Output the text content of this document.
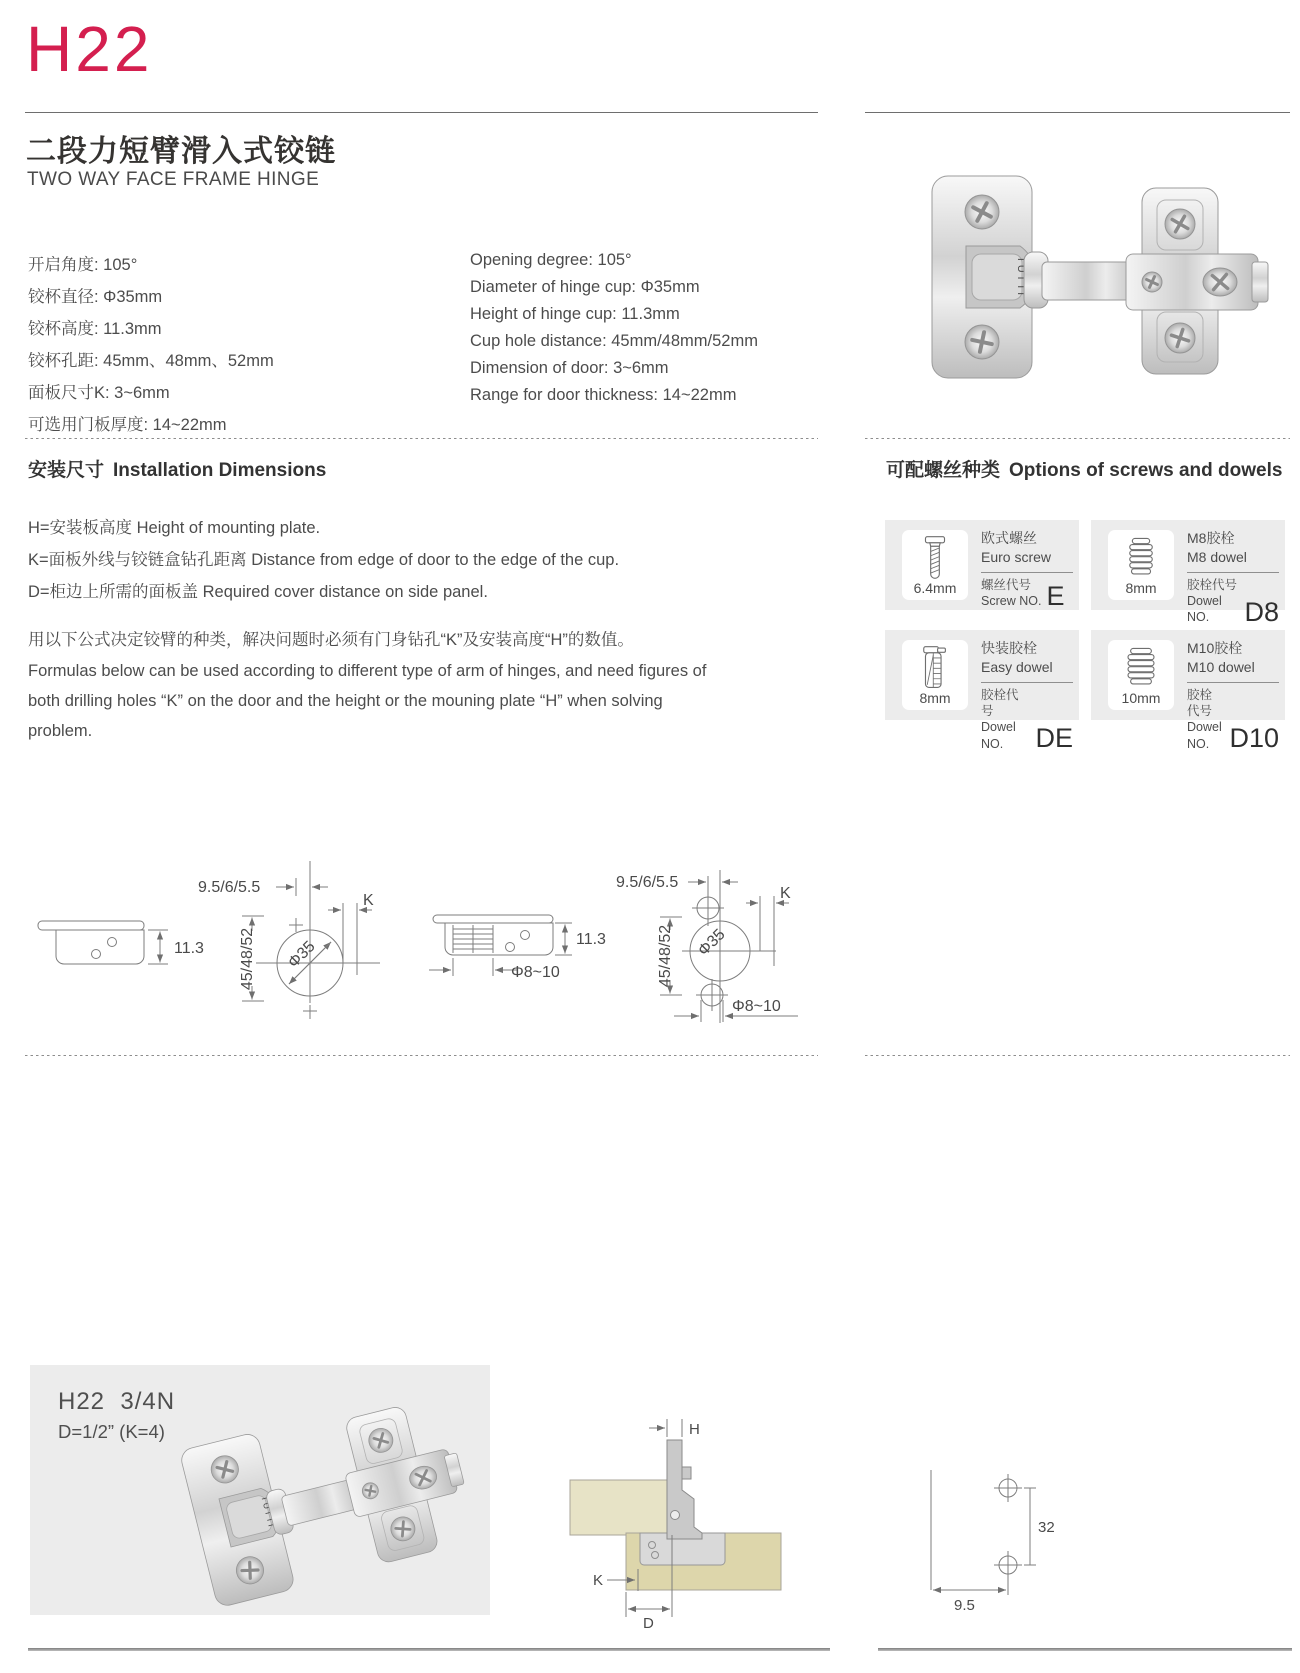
H22
二段力短臂滑入式铰链
TWO WAY FACE FRAME HINGE
开启角度: 105°
铰杯直径: Φ35mm
铰杯高度: 11.3mm
铰杯孔距: 45mm、48mm、52mm
面板尺寸K: 3~6mm
可选用门板厚度: 14~22mm
Opening degree: 105°
Diameter of hinge cup: Φ35mm
Height of hinge cup: 11.3mm
Cup hole distance: 45mm/48mm/52mm
Dimension of door: 3~6mm
Range for door thickness: 14~22mm
安装尺寸 Installation Dimensions	可配螺丝种类 Options of screws and dowels
H=安装板高度 Height of mounting plate.
K=面板外线与铰链盒钻孔距离 Distance from edge of door to the edge of the cup.
D=柜边上所需的面板盖 Required cover distance on side panel.
用以下公式决定铰臂的种类，解决问题时必须有门身钻孔“K”及安装高度“H”的数值。
Formulas below can be used according to different type of arm of hinges, and need figures of both drilling holes “K” on the door and the height or the mouning plate “H” when solving problem.
6.4mm
欧式螺丝
Euro screw
螺丝代号
Screw NO. E	8mm
M8胶栓
M8 dowel
胶栓代号
Dowel NO.	D8
8mm
快装胶栓
Easy dowel
胶栓代号
Dowel NO.	DE
10mm
M10胶栓
M10 dowel
胶栓代号
Dowel NO. D10
11.3
9.5/6/5.5
45/48/52 Φ35
K
11.3
Φ8~10
9.5/6/5.5
45/48/52 Φ35
K
Φ8~10
H22  3/4N
D=1/2” (K=4)	H
K
D
32
9.5
